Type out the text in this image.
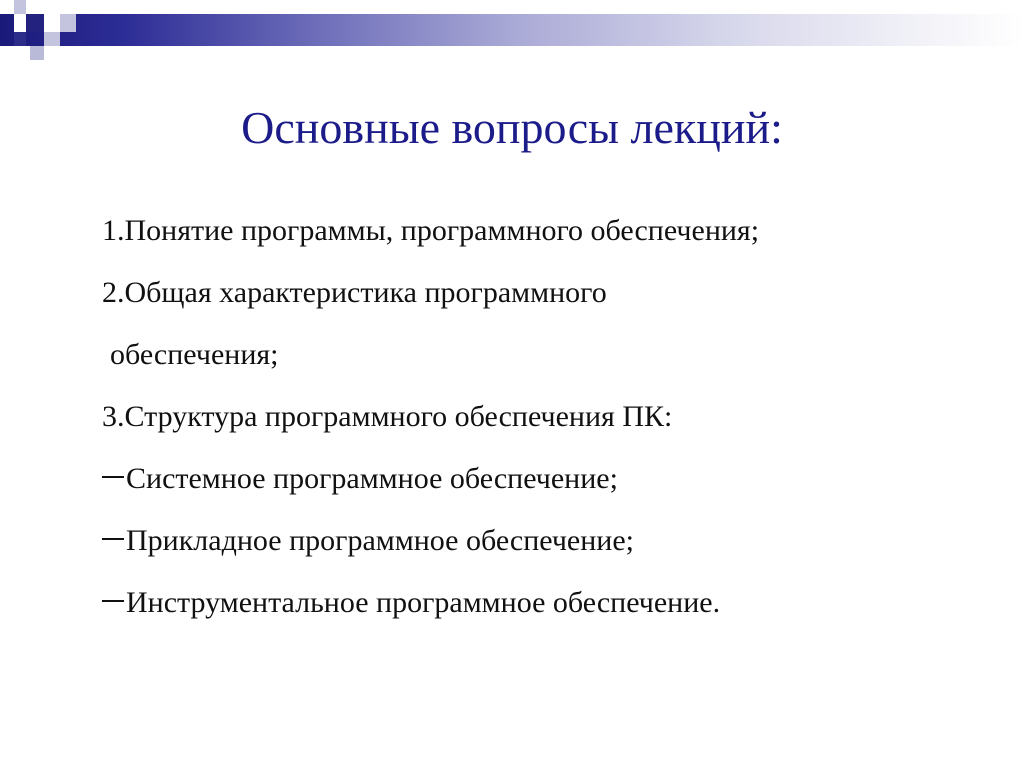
Основные вопросы лекций:
1.Понятие программы, программного обеспечения;
2.Общая характеристика программного
обеспечения;
3.Структура программного обеспечения ПК:
Системное программное обеспечение;
Прикладное программное обеспечение;
Инструментальное программное обеспечение.
